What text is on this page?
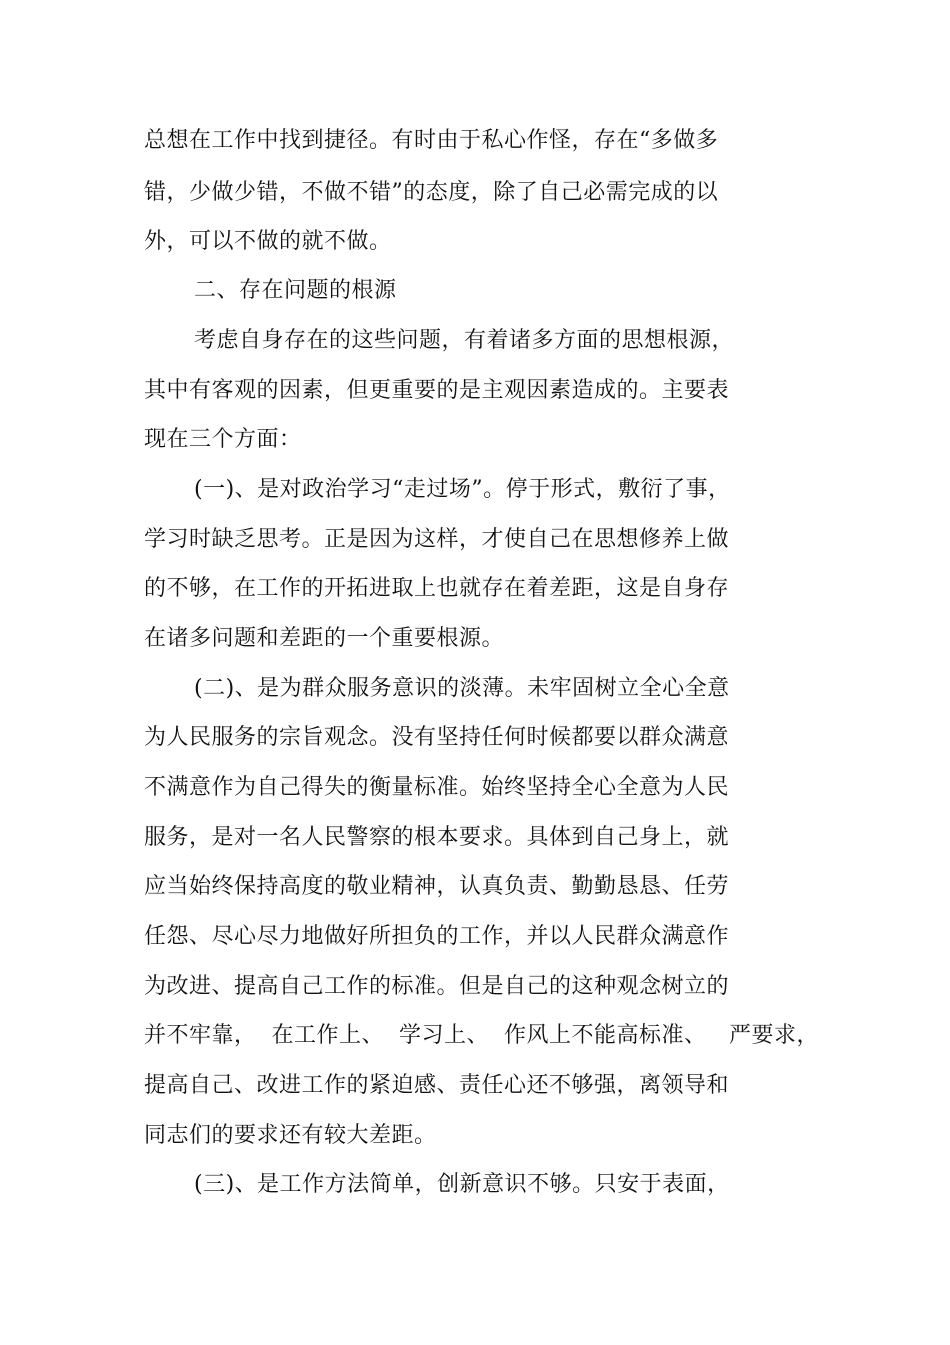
总想在工作中找到捷径。有时由于私心作怪，存在“多做多
错，少做少错，不做不错”的态度，除了自己必需完成的以
外，可以不做的就不做。
二、存在问题的根源
考虑自身存在的这些问题，有着诸多方面的思想根源，
其中有客观的因素，但更重要的是主观因素造成的。主要表
现在三个方面：
(一)、是对政治学习“走过场”。停于形式，敷衍了事，
学习时缺乏思考。正是因为这样，才使自己在思想修养上做
的不够，在工作的开拓进取上也就存在着差距，这是自身存
在诸多问题和差距的一个重要根源。
(二)、是为群众服务意识的淡薄。未牢固树立全心全意
为人民服务的宗旨观念。没有坚持任何时候都要以群众满意
不满意作为自己得失的衡量标准。始终坚持全心全意为人民
服务，是对一名人民警察的根本要求。具体到自己身上，就
应当始终保持高度的敬业精神，认真负责、勤勤恳恳、任劳
任怨、尽心尽力地做好所担负的工作，并以人民群众满意作
为改进、提高自己工作的标准。但是自己的这种观念树立的
并不牢靠，  在工作上、  学习上、  作风上不能高标准、   严要求，
提高自己、改进工作的紧迫感、责任心还不够强，离领导和
同志们的要求还有较大差距。
(三)、是工作方法简单，创新意识不够。只安于表面，
